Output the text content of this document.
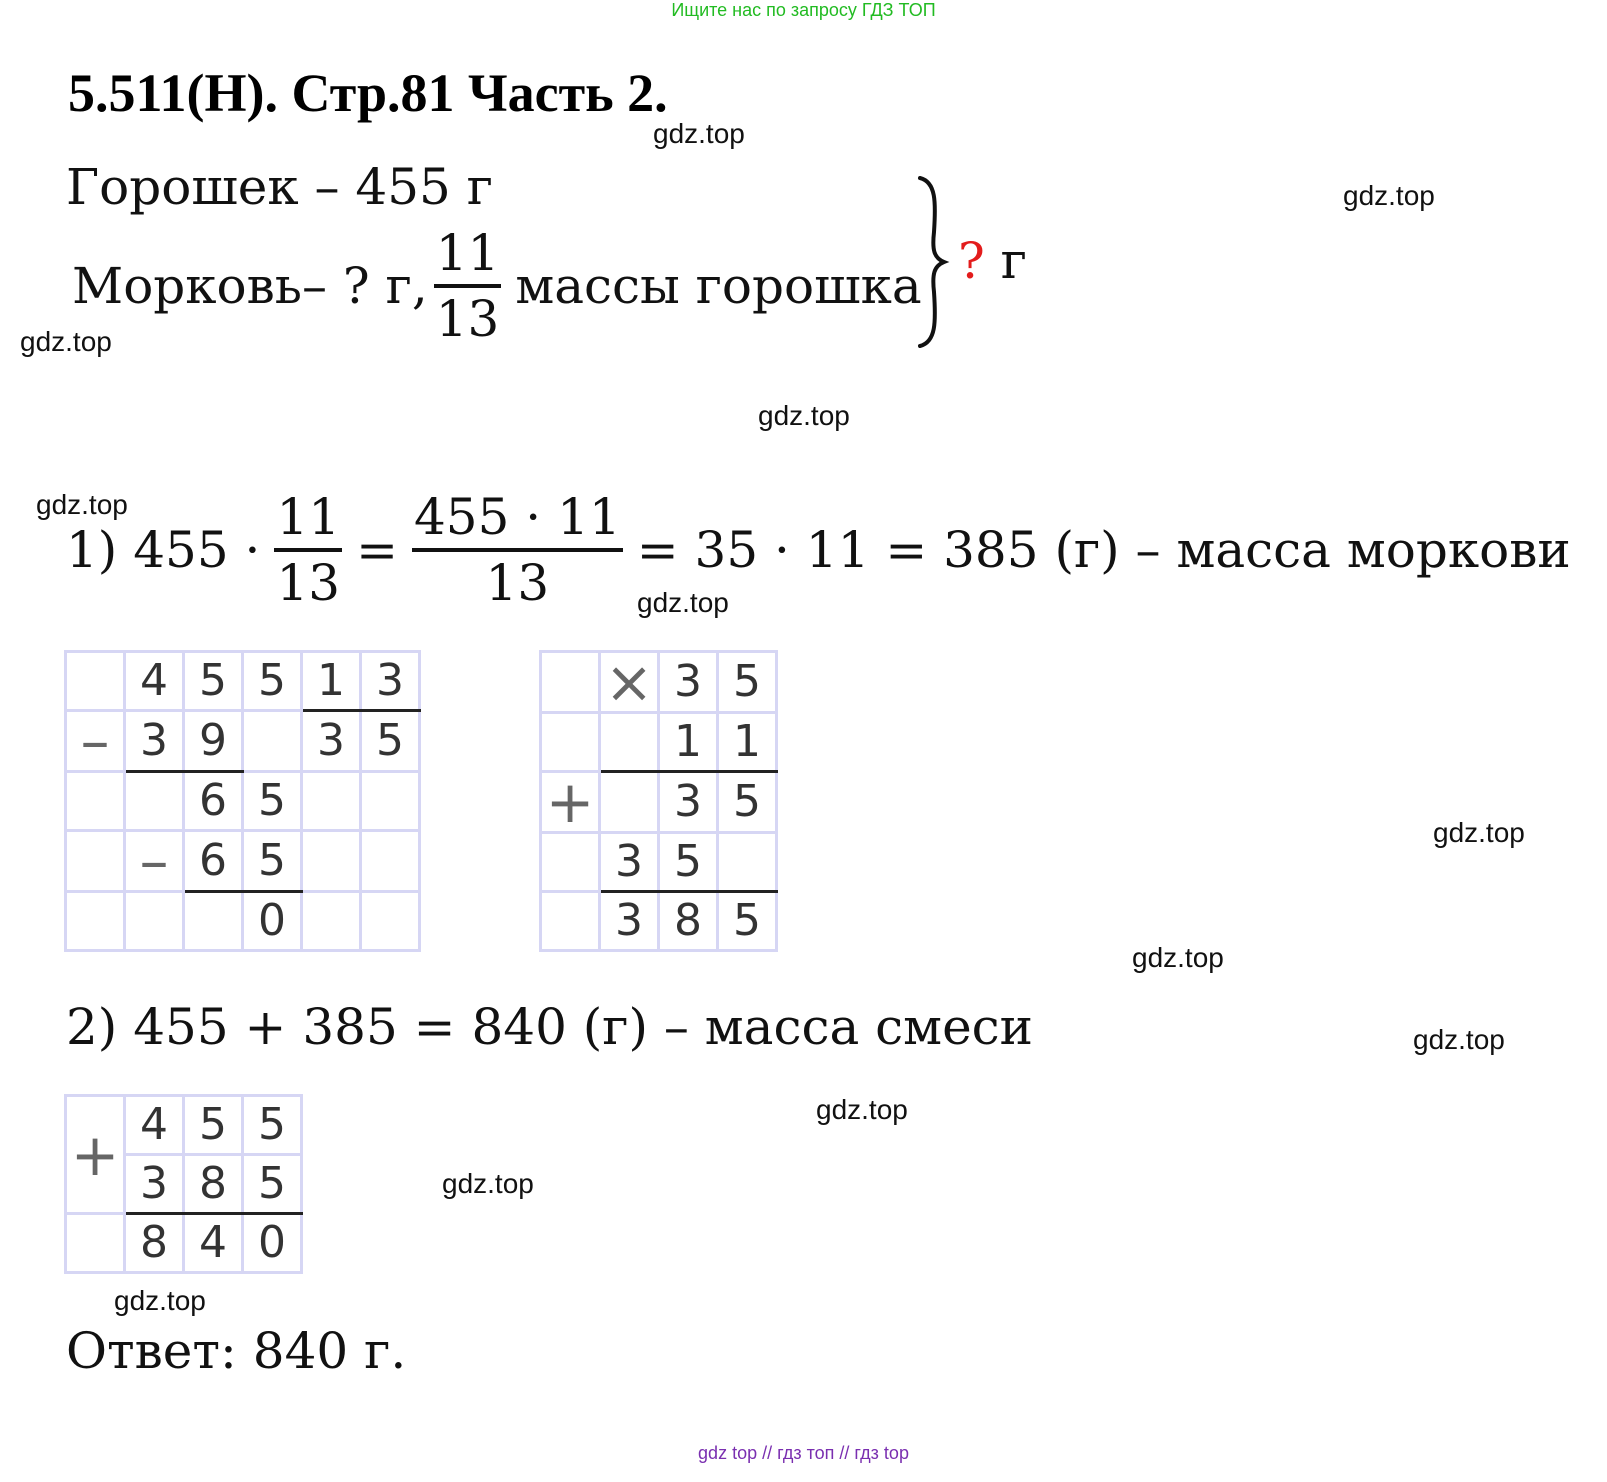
Ищите нас по запросу ГДЗ ТОП
5.511(Н). Стр.81 Часть 2.
gdz.top
gdz.top
gdz.top
gdz.top
gdz.top
gdz.top
gdz.top
gdz.top
gdz.top
gdz.top
gdz.top
gdz.top
Горошек – 455 г
Морковь– ? г, $\frac{11}{13}$ массы горошка ? г
1) $455 \cdot \frac{11}{13} = \frac{455 \cdot 11}{13} = 35 \cdot 11 = 385$ (г) – масса моркови
	4	5	5	1	3
–	3	9		3	5
		6	5		
	–	6	5		
			0		
	×	3	5
		1	1
+		3	5
	3	5	
	3	8	5
2) 455 + 385 = 840 (г) – масса смеси
+	4	5	5
	3	8	5
	8	4	0
Ответ: 840 г.
gdz top // гдз топ // гдз top
